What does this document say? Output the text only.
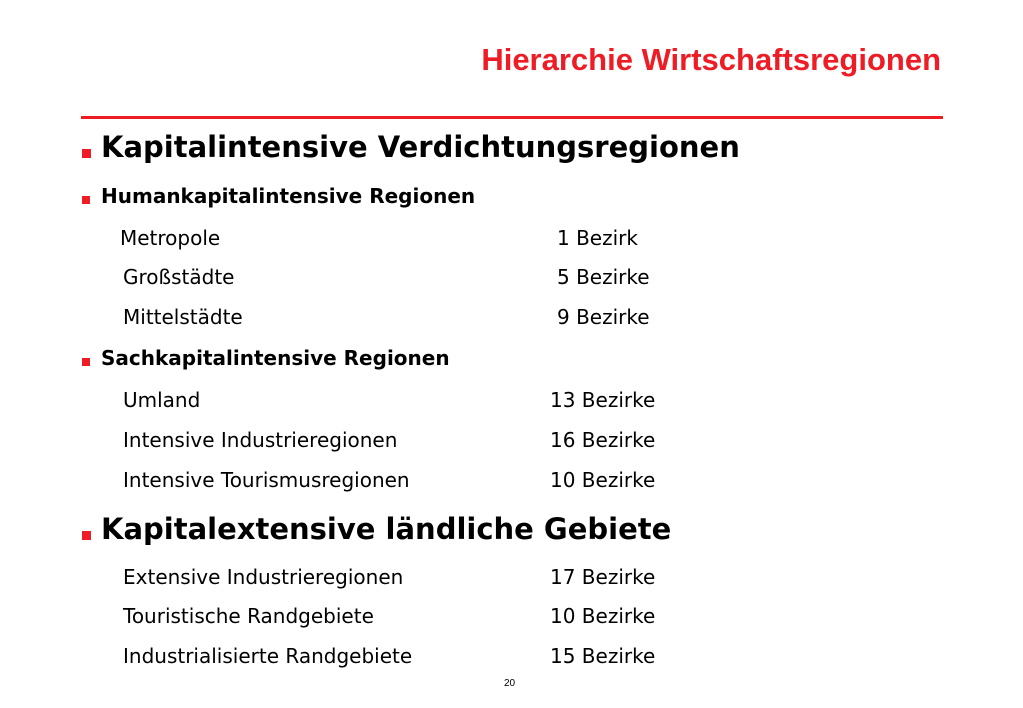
Hierarchie Wirtschaftsregionen
Kapitalintensive Verdichtungsregionen
Humankapitalintensive Regionen
Metropole	1 Bezirk
Großstädte	5 Bezirke
Mittelstädte	9 Bezirke
Sachkapitalintensive Regionen
Umland	13 Bezirke
Intensive Industrieregionen	16 Bezirke
Intensive Tourismusregionen	10 Bezirke
Kapitalextensive ländliche Gebiete
Extensive Industrieregionen	17 Bezirke
Touristische Randgebiete	10 Bezirke
Industrialisierte Randgebiete	15 Bezirke
20
